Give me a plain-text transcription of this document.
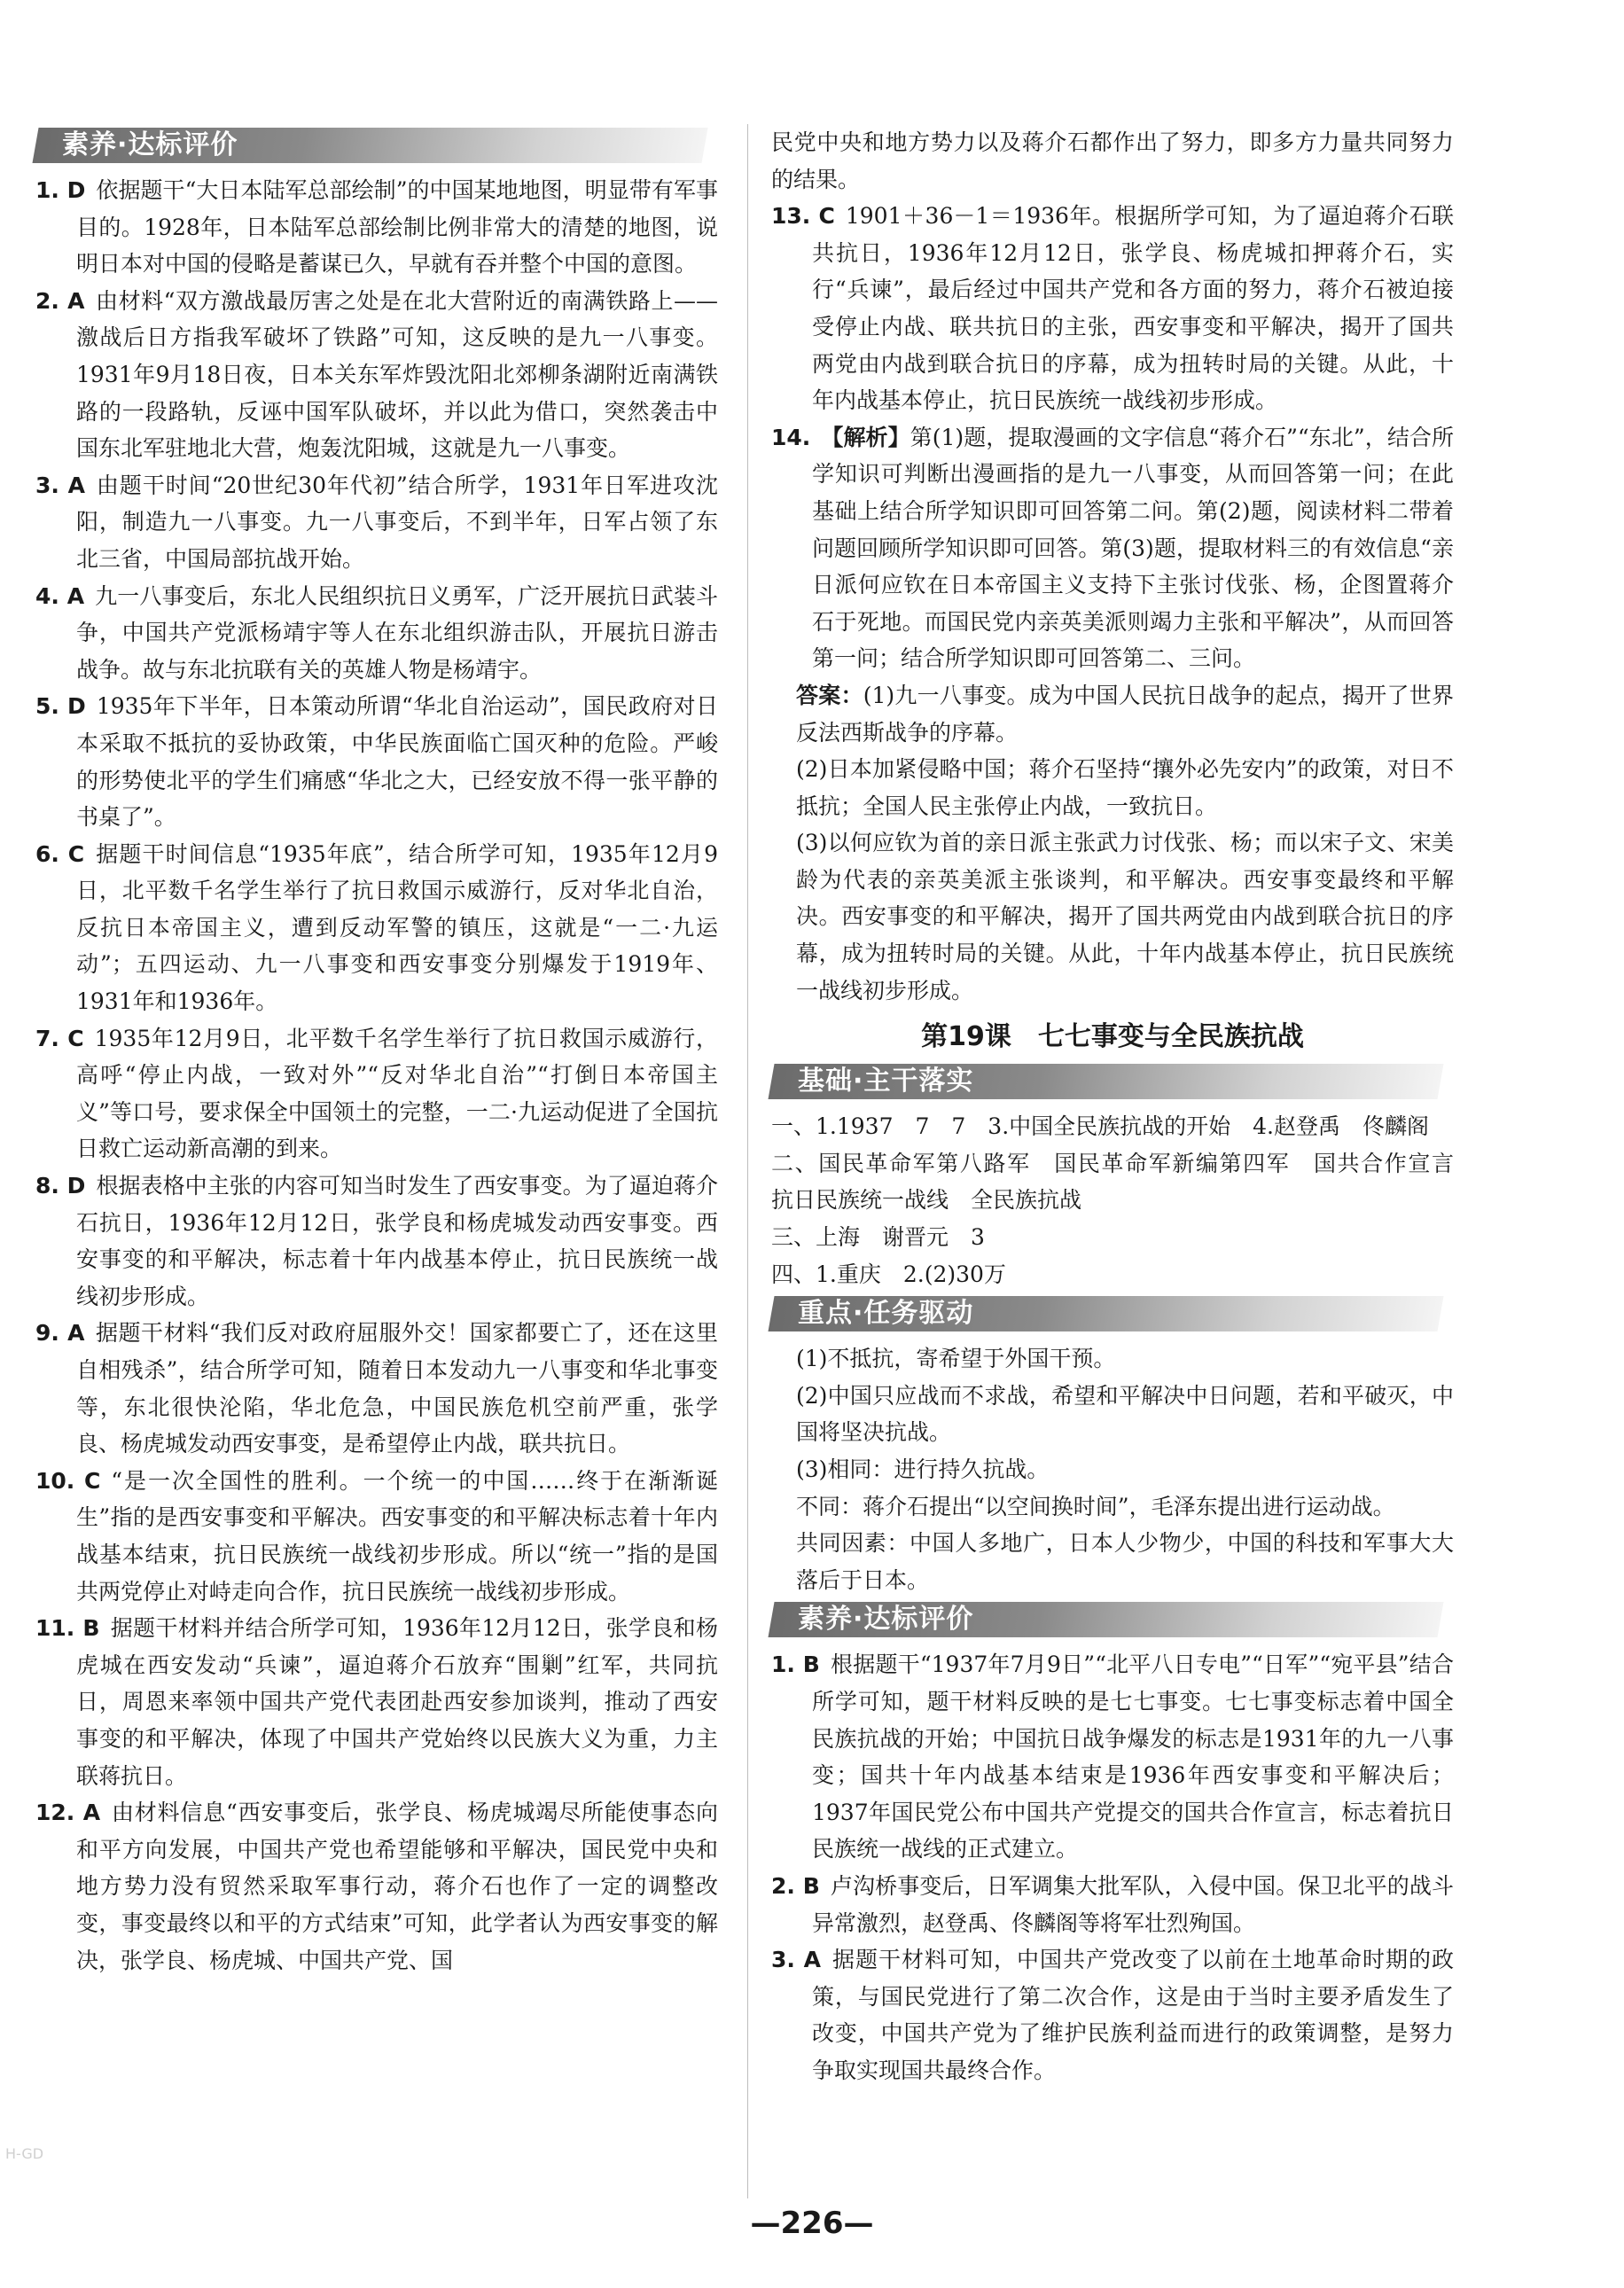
素养·达标评价

1. D 依据题干“大日本陆军总部绘制”的中国某地地图，明显带有军事目的。1928年，日本陆军总部绘制比例非常大的清楚的地图，说明日本对中国的侵略是蓄谋已久，早就有吞并整个中国的意图。

2. A 由材料“双方激战最厉害之处是在北大营附近的南满铁路上——激战后日方指我军破坏了铁路”可知，这反映的是九一八事变。1931年9月18日夜，日本关东军炸毁沈阳北郊柳条湖附近南满铁路的一段路轨，反诬中国军队破坏，并以此为借口，突然袭击中国东北军驻地北大营，炮轰沈阳城，这就是九一八事变。

3. A 由题干时间“20世纪30年代初”结合所学，1931年日军进攻沈阳，制造九一八事变。九一八事变后，不到半年，日军占领了东北三省，中国局部抗战开始。

4. A 九一八事变后，东北人民组织抗日义勇军，广泛开展抗日武装斗争，中国共产党派杨靖宇等人在东北组织游击队，开展抗日游击战争。故与东北抗联有关的英雄人物是杨靖宇。

5. D 1935年下半年，日本策动所谓“华北自治运动”，国民政府对日本采取不抵抗的妥协政策，中华民族面临亡国灭种的危险。严峻的形势使北平的学生们痛感“华北之大，已经安放不得一张平静的书桌了”。

6. C 据题干时间信息“1935年底”，结合所学可知，1935年12月9日，北平数千名学生举行了抗日救国示威游行，反对华北自治，反抗日本帝国主义，遭到反动军警的镇压，这就是“一二·九运动”；五四运动、九一八事变和西安事变分别爆发于1919年、1931年和1936年。

7. C 1935年12月9日，北平数千名学生举行了抗日救国示威游行，高呼“停止内战，一致对外”“反对华北自治”“打倒日本帝国主义”等口号，要求保全中国领土的完整，一二·九运动促进了全国抗日救亡运动新高潮的到来。

8. D 根据表格中主张的内容可知当时发生了西安事变。为了逼迫蒋介石抗日，1936年12月12日，张学良和杨虎城发动西安事变。西安事变的和平解决，标志着十年内战基本停止，抗日民族统一战线初步形成。

9. A 据题干材料“我们反对政府屈服外交！国家都要亡了，还在这里自相残杀”，结合所学可知，随着日本发动九一八事变和华北事变等，东北很快沦陷，华北危急，中国民族危机空前严重，张学良、杨虎城发动西安事变，是希望停止内战，联共抗日。

10. C “是一次全国性的胜利。一个统一的中国……终于在渐渐诞生”指的是西安事变和平解决。西安事变的和平解决标志着十年内战基本结束，抗日民族统一战线初步形成。所以“统一”指的是国共两党停止对峙走向合作，抗日民族统一战线初步形成。

11. B 据题干材料并结合所学可知，1936年12月12日，张学良和杨虎城在西安发动“兵谏”，逼迫蒋介石放弃“围剿”红军，共同抗日，周恩来率领中国共产党代表团赴西安参加谈判，推动了西安事变的和平解决，体现了中国共产党始终以民族大义为重，力主联蒋抗日。

12. A 由材料信息“西安事变后，张学良、杨虎城竭尽所能使事态向和平方向发展，中国共产党也希望能够和平解决，国民党中央和地方势力没有贸然采取军事行动，蒋介石也作了一定的调整改变，事变最终以和平的方式结束”可知，此学者认为西安事变的解决，张学良、杨虎城、中国共产党、国

民党中央和地方势力以及蒋介石都作出了努力，即多方力量共同努力的结果。

13. C 1901＋36－1＝1936年。根据所学可知，为了逼迫蒋介石联共抗日，1936年12月12日，张学良、杨虎城扣押蒋介石，实行“兵谏”，最后经过中国共产党和各方面的努力，蒋介石被迫接受停止内战、联共抗日的主张，西安事变和平解决，揭开了国共两党由内战到联合抗日的序幕，成为扭转时局的关键。从此，十年内战基本停止，抗日民族统一战线初步形成。

14. 【解析】第(1)题，提取漫画的文字信息“蒋介石”“东北”，结合所学知识可判断出漫画指的是九一八事变，从而回答第一问；在此基础上结合所学知识即可回答第二问。第(2)题，阅读材料二带着问题回顾所学知识即可回答。第(3)题，提取材料三的有效信息“亲日派何应钦在日本帝国主义支持下主张讨伐张、杨，企图置蒋介石于死地。而国民党内亲英美派则竭力主张和平解决”，从而回答第一问；结合所学知识即可回答第二、三问。

答案：(1)九一八事变。成为中国人民抗日战争的起点，揭开了世界反法西斯战争的序幕。

(2)日本加紧侵略中国；蒋介石坚持“攘外必先安内”的政策，对日不抵抗；全国人民主张停止内战，一致抗日。

(3)以何应钦为首的亲日派主张武力讨伐张、杨；而以宋子文、宋美龄为代表的亲英美派主张谈判，和平解决。西安事变最终和平解决。西安事变的和平解决，揭开了国共两党由内战到联合抗日的序幕，成为扭转时局的关键。从此，十年内战基本停止，抗日民族统一战线初步形成。

第19课　七七事变与全民族抗战
基础·主干落实

一、1.1937　7　7　3.中国全民族抗战的开始　4.赵登禹　佟麟阁

二、国民革命军第八路军　国民革命军新编第四军　国共合作宣言　抗日民族统一战线　全民族抗战

三、上海　谢晋元　3

四、1.重庆　2.(2)30万

重点·任务驱动

(1)不抵抗，寄希望于外国干预。

(2)中国只应战而不求战，希望和平解决中日问题，若和平破灭，中国将坚决抗战。

(3)相同：进行持久抗战。

不同：蒋介石提出“以空间换时间”，毛泽东提出进行运动战。

共同因素：中国人多地广，日本人少物少，中国的科技和军事大大落后于日本。

素养·达标评价

1. B 根据题干“1937年7月9日”“北平八日专电”“日军”“宛平县”结合所学可知，题干材料反映的是七七事变。七七事变标志着中国全民族抗战的开始；中国抗日战争爆发的标志是1931年的九一八事变；国共十年内战基本结束是1936年西安事变和平解决后；1937年国民党公布中国共产党提交的国共合作宣言，标志着抗日民族统一战线的正式建立。

2. B 卢沟桥事变后，日军调集大批军队，入侵中国。保卫北平的战斗异常激烈，赵登禹、佟麟阁等将军壮烈殉国。

3. A 据题干材料可知，中国共产党改变了以前在土地革命时期的政策，与国民党进行了第二次合作，这是由于当时主要矛盾发生了改变，中国共产党为了维护民族利益而进行的政策调整，是努力争取实现国共最终合作。

H-GD
—226—
